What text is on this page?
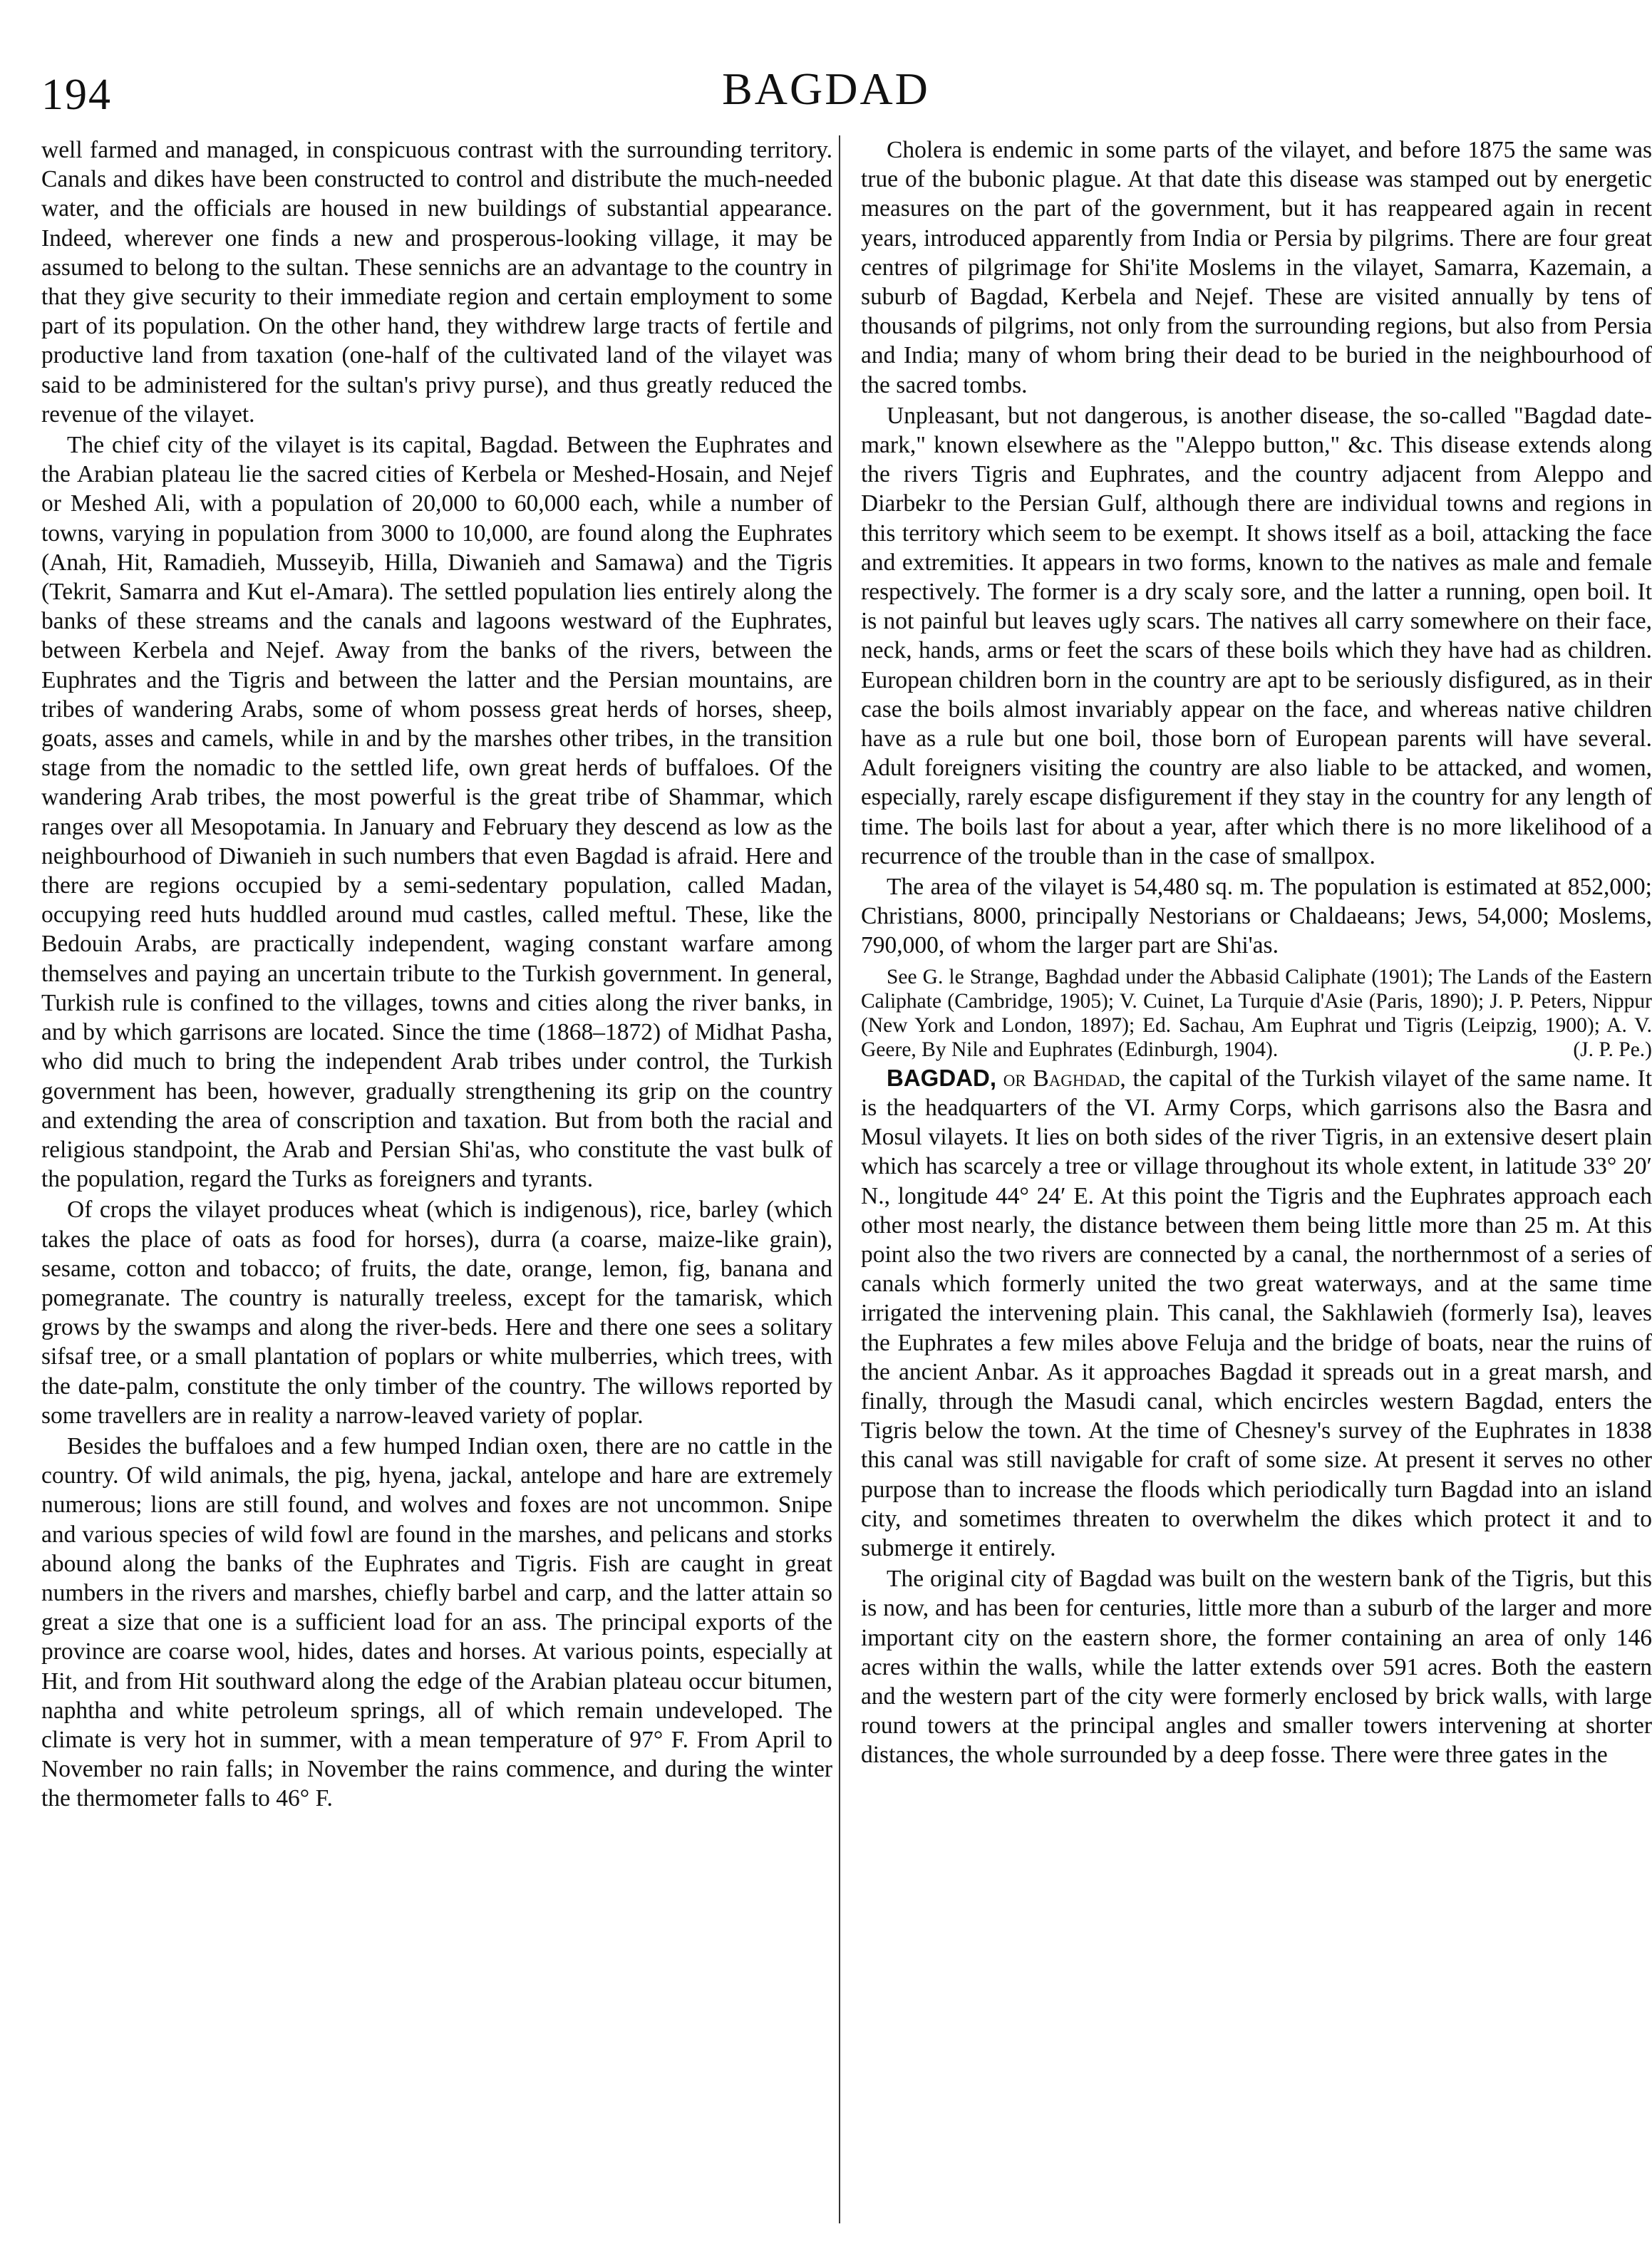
194	BAGDAD

well farmed and managed, in conspicuous contrast with the surrounding territory. Canals and dikes have been constructed to control and distribute the much-needed water, and the officials are housed in new buildings of substantial appearance. Indeed, wherever one finds a new and prosperous-looking village, it may be assumed to belong to the sultan. These sennichs are an advantage to the country in that they give security to their immediate region and certain employment to some part of its population. On the other hand, they withdrew large tracts of fertile and productive land from taxation (one-half of the cultivated land of the vilayet was said to be administered for the sultan's privy purse), and thus greatly reduced the revenue of the vilayet.

The chief city of the vilayet is its capital, Bagdad. Between the Euphrates and the Arabian plateau lie the sacred cities of Kerbela or Meshed-Hosain, and Nejef or Meshed Ali, with a population of 20,000 to 60,000 each, while a number of towns, varying in population from 3000 to 10,000, are found along the Euphrates (Anah, Hit, Ramadieh, Musseyib, Hilla, Diwanieh and Samawa) and the Tigris (Tekrit, Samarra and Kut el-Amara). The settled population lies entirely along the banks of these streams and the canals and lagoons westward of the Euphrates, between Kerbela and Nejef. Away from the banks of the rivers, between the Euphrates and the Tigris and between the latter and the Persian mountains, are tribes of wandering Arabs, some of whom possess great herds of horses, sheep, goats, asses and camels, while in and by the marshes other tribes, in the transition stage from the nomadic to the settled life, own great herds of buffaloes. Of the wandering Arab tribes, the most powerful is the great tribe of Shammar, which ranges over all Mesopotamia. In January and February they descend as low as the neighbourhood of Diwanieh in such numbers that even Bagdad is afraid. Here and there are regions occupied by a semi-sedentary population, called Madan, occupying reed huts huddled around mud castles, called meftul. These, like the Bedouin Arabs, are practically independent, waging constant warfare among themselves and paying an uncertain tribute to the Turkish government. In general, Turkish rule is confined to the villages, towns and cities along the river banks, in and by which garrisons are located. Since the time (1868–1872) of Midhat Pasha, who did much to bring the independent Arab tribes under control, the Turkish government has been, however, gradually strengthening its grip on the country and extending the area of conscription and taxation. But from both the racial and religious standpoint, the Arab and Persian Shi'as, who constitute the vast bulk of the population, regard the Turks as foreigners and tyrants.

Of crops the vilayet produces wheat (which is indigenous), rice, barley (which takes the place of oats as food for horses), durra (a coarse, maize-like grain), sesame, cotton and tobacco; of fruits, the date, orange, lemon, fig, banana and pomegranate. The country is naturally treeless, except for the tamarisk, which grows by the swamps and along the river-beds. Here and there one sees a solitary sifsaf tree, or a small plantation of poplars or white mulberries, which trees, with the date-palm, constitute the only timber of the country. The willows reported by some travellers are in reality a narrow-leaved variety of poplar.

Besides the buffaloes and a few humped Indian oxen, there are no cattle in the country. Of wild animals, the pig, hyena, jackal, antelope and hare are extremely numerous; lions are still found, and wolves and foxes are not uncommon. Snipe and various species of wild fowl are found in the marshes, and pelicans and storks abound along the banks of the Euphrates and Tigris. Fish are caught in great numbers in the rivers and marshes, chiefly barbel and carp, and the latter attain so great a size that one is a sufficient load for an ass. The principal exports of the province are coarse wool, hides, dates and horses. At various points, especially at Hit, and from Hit southward along the edge of the Arabian plateau occur bitumen, naphtha and white petroleum springs, all of which remain undeveloped. The climate is very hot in summer, with a mean temperature of 97° F. From April to November no rain falls; in November the rains commence, and during the winter the thermometer falls to 46° F.

Cholera is endemic in some parts of the vilayet, and before 1875 the same was true of the bubonic plague. At that date this disease was stamped out by energetic measures on the part of the government, but it has reappeared again in recent years, introduced apparently from India or Persia by pilgrims. There are four great centres of pilgrimage for Shi'ite Moslems in the vilayet, Samarra, Kazemain, a suburb of Bagdad, Kerbela and Nejef. These are visited annually by tens of thousands of pilgrims, not only from the surrounding regions, but also from Persia and India; many of whom bring their dead to be buried in the neighbourhood of the sacred tombs.

Unpleasant, but not dangerous, is another disease, the so-called "Bagdad date-mark," known elsewhere as the "Aleppo button," &c. This disease extends along the rivers Tigris and Euphrates, and the country adjacent from Aleppo and Diarbekr to the Persian Gulf, although there are individual towns and regions in this territory which seem to be exempt. It shows itself as a boil, attacking the face and extremities. It appears in two forms, known to the natives as male and female respectively. The former is a dry scaly sore, and the latter a running, open boil. It is not painful but leaves ugly scars. The natives all carry somewhere on their face, neck, hands, arms or feet the scars of these boils which they have had as children. European children born in the country are apt to be seriously disfigured, as in their case the boils almost invariably appear on the face, and whereas native children have as a rule but one boil, those born of European parents will have several. Adult foreigners visiting the country are also liable to be attacked, and women, especially, rarely escape disfigurement if they stay in the country for any length of time. The boils last for about a year, after which there is no more likelihood of a recurrence of the trouble than in the case of smallpox.

The area of the vilayet is 54,480 sq. m. The population is estimated at 852,000; Christians, 8000, principally Nestorians or Chaldaeans; Jews, 54,000; Moslems, 790,000, of whom the larger part are Shi'as.

See G. le Strange, Baghdad under the Abbasid Caliphate (1901); The Lands of the Eastern Caliphate (Cambridge, 1905); V. Cuinet, La Turquie d'Asie (Paris, 1890); J. P. Peters, Nippur (New York and London, 1897); Ed. Sachau, Am Euphrat und Tigris (Leipzig, 1900); A. V. Geere, By Nile and Euphrates (Edinburgh, 1904).	(J. P. Pe.)

BAGDAD, or Baghdad, the capital of the Turkish vilayet of the same name. It is the headquarters of the VI. Army Corps, which garrisons also the Basra and Mosul vilayets. It lies on both sides of the river Tigris, in an extensive desert plain which has scarcely a tree or village throughout its whole extent, in latitude 33° 20′ N., longitude 44° 24′ E. At this point the Tigris and the Euphrates approach each other most nearly, the distance between them being little more than 25 m. At this point also the two rivers are connected by a canal, the northernmost of a series of canals which formerly united the two great waterways, and at the same time irrigated the intervening plain. This canal, the Sakhlawieh (formerly Isa), leaves the Euphrates a few miles above Feluja and the bridge of boats, near the ruins of the ancient Anbar. As it approaches Bagdad it spreads out in a great marsh, and finally, through the Masudi canal, which encircles western Bagdad, enters the Tigris below the town. At the time of Chesney's survey of the Euphrates in 1838 this canal was still navigable for craft of some size. At present it serves no other purpose than to increase the floods which periodically turn Bagdad into an island city, and sometimes threaten to overwhelm the dikes which protect it and to submerge it entirely.

The original city of Bagdad was built on the western bank of the Tigris, but this is now, and has been for centuries, little more than a suburb of the larger and more important city on the eastern shore, the former containing an area of only 146 acres within the walls, while the latter extends over 591 acres. Both the eastern and the western part of the city were formerly enclosed by brick walls, with large round towers at the principal angles and smaller towers intervening at shorter distances, the whole surrounded by a deep fosse. There were three gates in the
